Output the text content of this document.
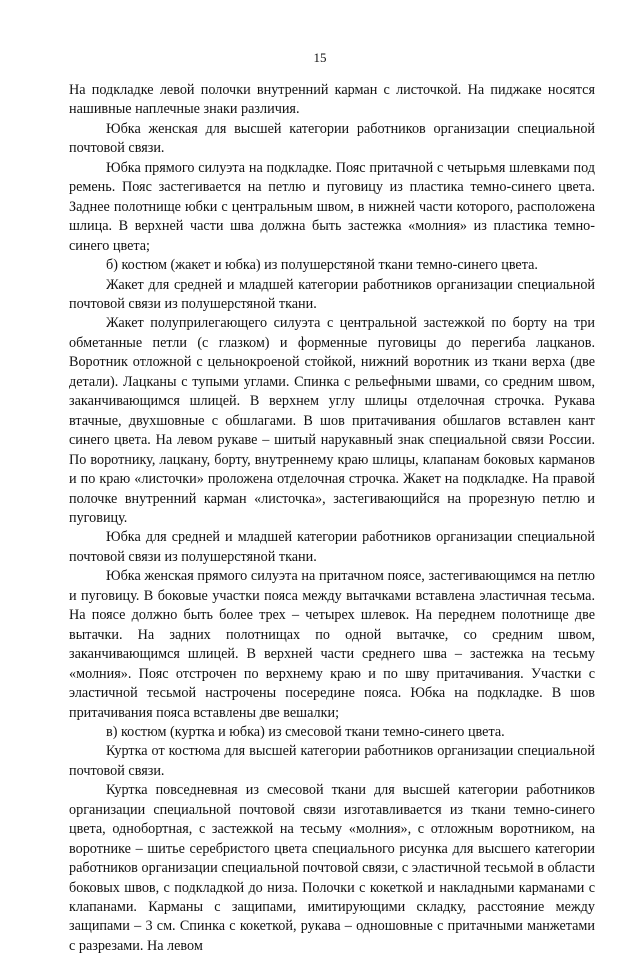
15

На подкладке левой полочки внутренний карман с листочкой. На пиджаке носятся нашивные наплечные знаки различия.

Юбка женская для высшей категории работников организации специальной почтовой связи.

Юбка прямого силуэта на подкладке. Пояс притачной с четырьмя шлевками под ремень. Пояс застегивается на петлю и пуговицу из пластика темно-синего цвета. Заднее полотнище юбки с центральным швом, в нижней части которого, расположена шлица. В верхней части шва должна быть застежка «молния» из пластика темно-синего цвета;

б) костюм (жакет и юбка) из полушерстяной ткани темно-синего цвета.

Жакет для средней и младшей категории работников организации специальной почтовой связи из полушерстяной ткани.

Жакет полуприлегающего силуэта с центральной застежкой по борту на три обметанные петли (с глазком) и форменные пуговицы до перегиба лацканов. Воротник отложной с цельнокроеной стойкой, нижний воротник из ткани верха (две детали). Лацканы с тупыми углами. Спинка с рельефными швами, со средним швом, заканчивающимся шлицей. В верхнем углу шлицы отделочная строчка. Рукава втачные, двухшовные с обшлагами. В шов притачивания обшлагов вставлен кант синего цвета. На левом рукаве – шитый нарукавный знак специальной связи России. По воротнику, лацкану, борту, внутреннему краю шлицы, клапанам боковых карманов и по краю «листочки» проложена отделочная строчка. Жакет на подкладке. На правой полочке внутренний карман «листочка», застегивающийся на прорезную петлю и пуговицу.

Юбка для средней и младшей категории работников организации специальной почтовой связи из полушерстяной ткани.

Юбка женская прямого силуэта на притачном поясе, застегивающимся на петлю и пуговицу. В боковые участки пояса между вытачками вставлена эластичная тесьма. На поясе должно быть более трех – четырех шлевок. На переднем полотнище две вытачки. На задних полотнищах по одной вытачке, со средним швом, заканчивающимся шлицей. В верхней части среднего шва – застежка на тесьму «молния». Пояс отстрочен по верхнему краю и по шву притачивания. Участки с эластичной тесьмой настрочены посередине пояса. Юбка на подкладке. В шов притачивания пояса вставлены две вешалки;

в) костюм (куртка и юбка) из смесовой ткани темно-синего цвета.

Куртка от костюма для высшей категории работников организации специальной почтовой связи.

Куртка повседневная из смесовой ткани для высшей категории работников организации специальной почтовой связи изготавливается из ткани темно-синего цвета, однобортная, с застежкой на тесьму «молния», с отложным воротником, на воротнике – шитье серебристого цвета специального рисунка для высшего категории работников организации специальной почтовой связи, с эластичной тесьмой в области боковых швов, с подкладкой до низа. Полочки с кокеткой и накладными карманами с клапанами. Карманы с защипами, имитирующими складку, расстояние между защипами – 3 см. Спинка с кокеткой, рукава – одношовные с притачными манжетами с разрезами. На левом
